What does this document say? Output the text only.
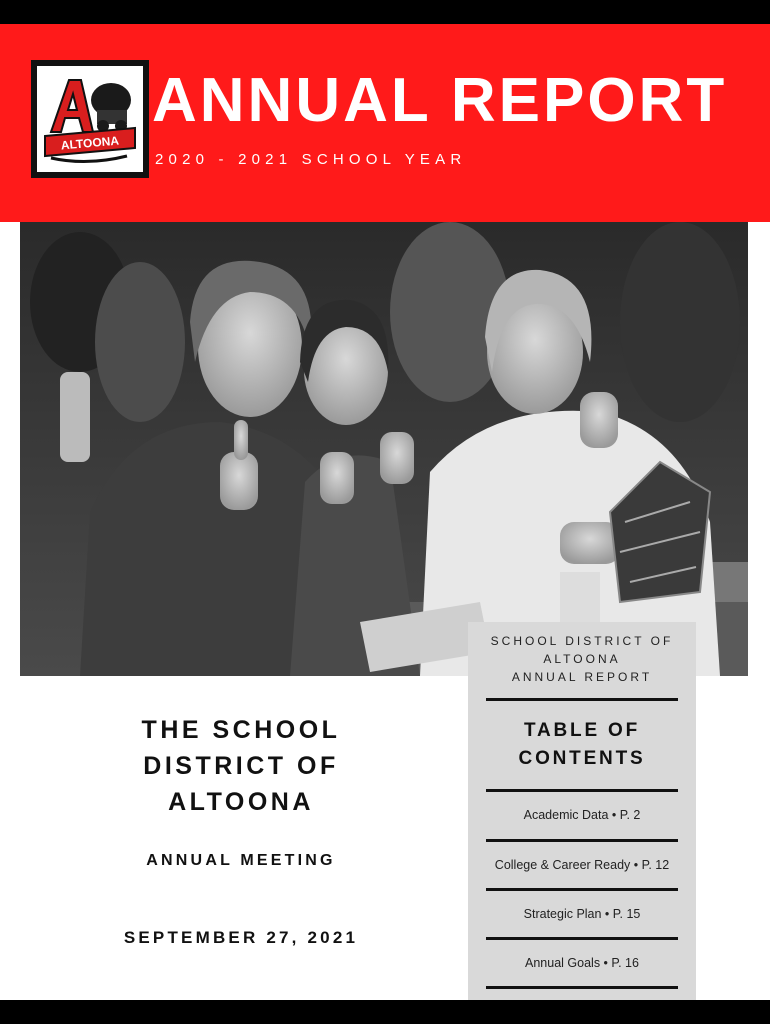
ALTOONA
ANNUAL REPORT

2020 - 2021 SCHOOL YEAR

THE SCHOOL
DISTRICT OF
ALTOONA
ANNUAL MEETING
SEPTEMBER 27, 2021
SCHOOL DISTRICT OF
ALTOONA
ANNUAL REPORT
TABLE OF
CONTENTS
Academic Data • P. 2
College & Career Ready • P. 12
Strategic Plan • P. 15
Annual Goals • P. 16
